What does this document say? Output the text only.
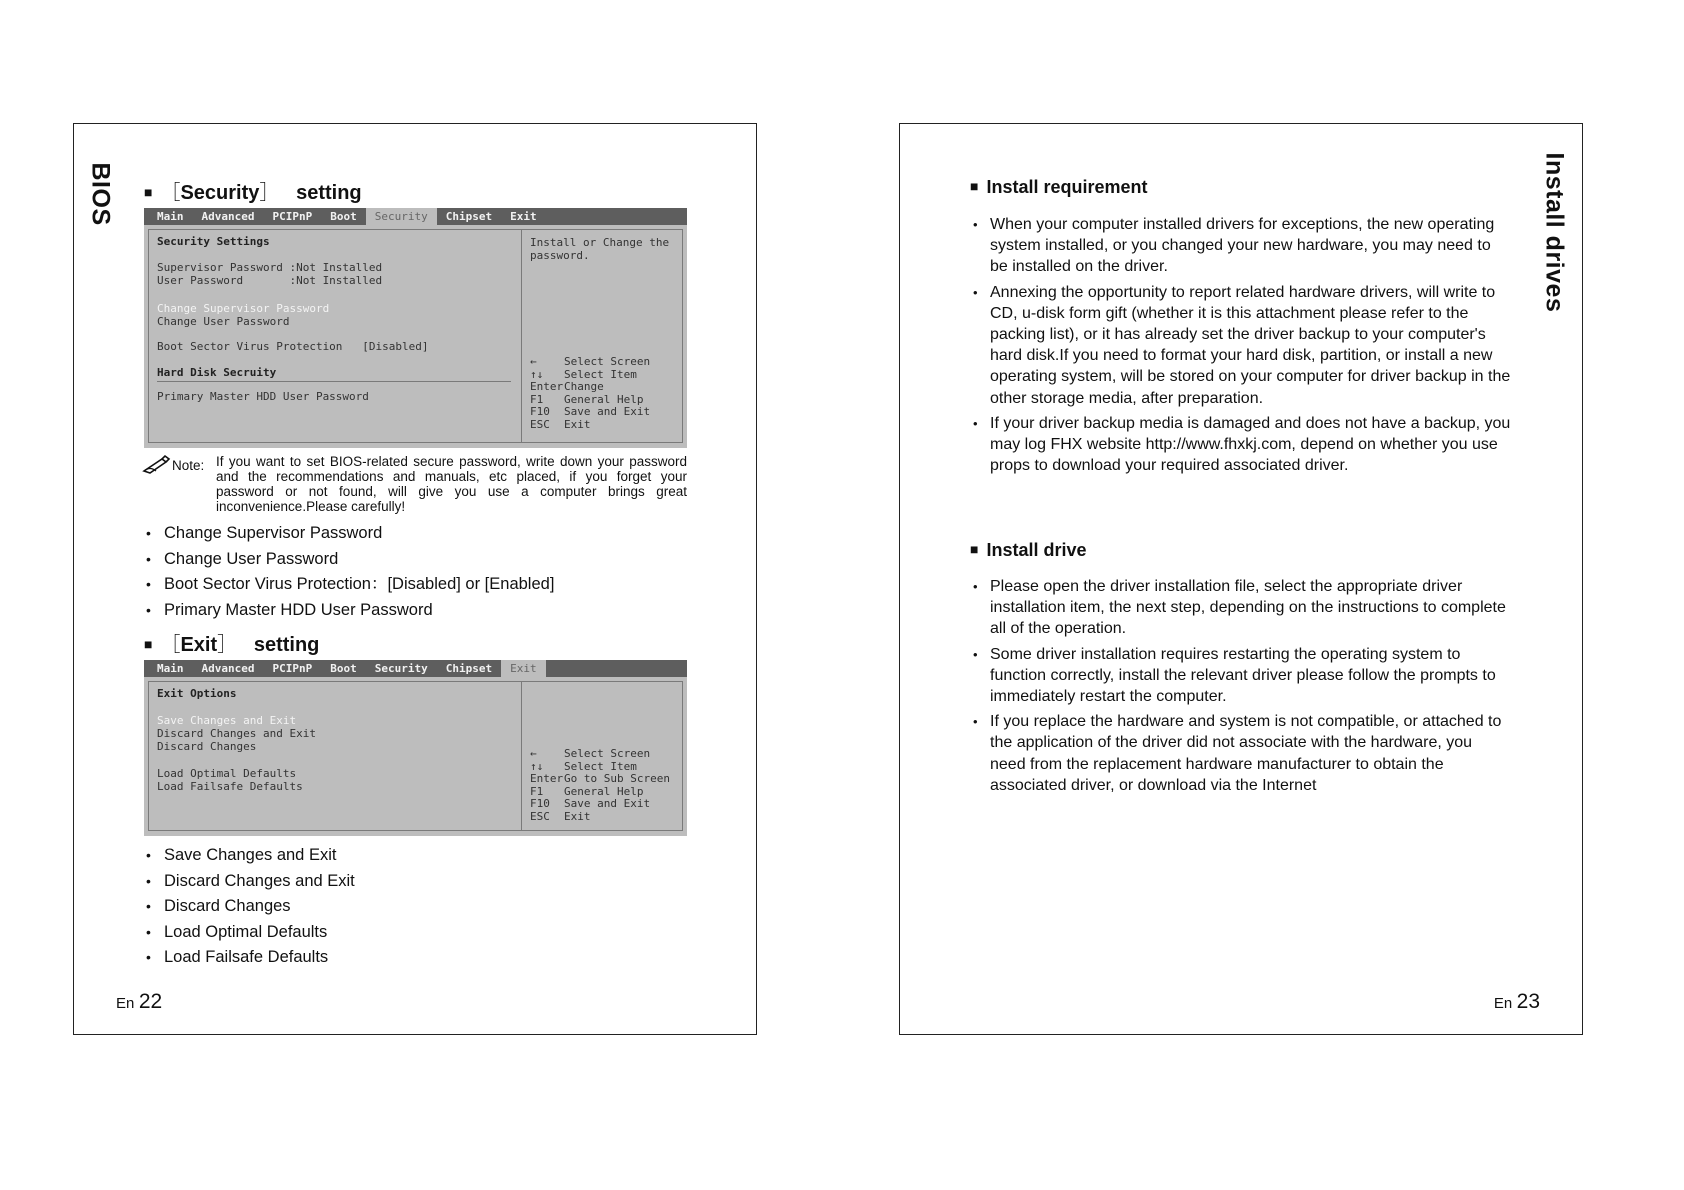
BIOS ■ ［Security］ setting
Main	Advanced	PCIPnP	Boot	Security	Chipset	Exit
Security Settings
Supervisor Password :Not Installed
User Password       :Not Installed
Change Supervisor Password
Change User Password
Boot Sector Virus Protection   [Disabled]
Hard Disk Secruity
Primary Master HDD User Password
Install or Change the password.
←	Select Screen
↑↓	Select Item
Enter Change
F1	General Help
F10	Save and Exit
ESC	Exit
Note: If you want to set BIOS-related secure password, write down your password and the recommendations and manuals, etc placed, if you forget your password or not found, will give you use a computer brings great inconvenience.Please carefully!
• Change Supervisor Password
• Change User Password
• Boot Sector Virus Protection：[Disabled] or [Enabled]
• Primary Master HDD User Password
■ ［Exit］ setting
Main	Advanced	PCIPnP	Boot	Security	Chipset	Exit
Exit Options
Save Changes and Exit
Discard Changes and Exit
Discard Changes
Load Optimal Defaults
Load Failsafe Defaults
←	Select Screen
↑↓	Select Item
Enter Go to Sub Screen
F1	General Help
F10	Save and Exit
ESC	Exit
• Save Changes and Exit
• Discard Changes and Exit
• Discard Changes
• Load Optimal Defaults
• Load Failsafe Defaults
En 22
Install drives
■ Install requirement
• When your computer installed drivers for exceptions, the new operating system installed, or you changed your new hardware, you may need to be installed on the driver.
• Annexing the opportunity to report related hardware drivers, will write to CD, u-disk form gift (whether it is this attachment please refer to the packing list), or it has already set the driver backup to your computer's hard disk.If you need to format your hard disk, partition, or install a new operating system, will be stored on your computer for driver backup in the other storage media, after preparation.
• If your driver backup media is damaged and does not have a backup, you may log FHX website http://www.fhxkj.com, depend on whether you use props to download your required associated driver.
■ Install drive
• Please open the driver installation file, select the appropriate driver installation item, the next step, depending on the instructions to complete all of the operation.
• Some driver installation requires restarting the operating system to function correctly, install the relevant driver please follow the prompts to immediately restart the computer.
• If you replace the hardware and system is not compatible, or attached to the application of the driver did not associate with the hardware, you need from the replacement hardware manufacturer to obtain the associated driver, or download via the Internet
En 23
